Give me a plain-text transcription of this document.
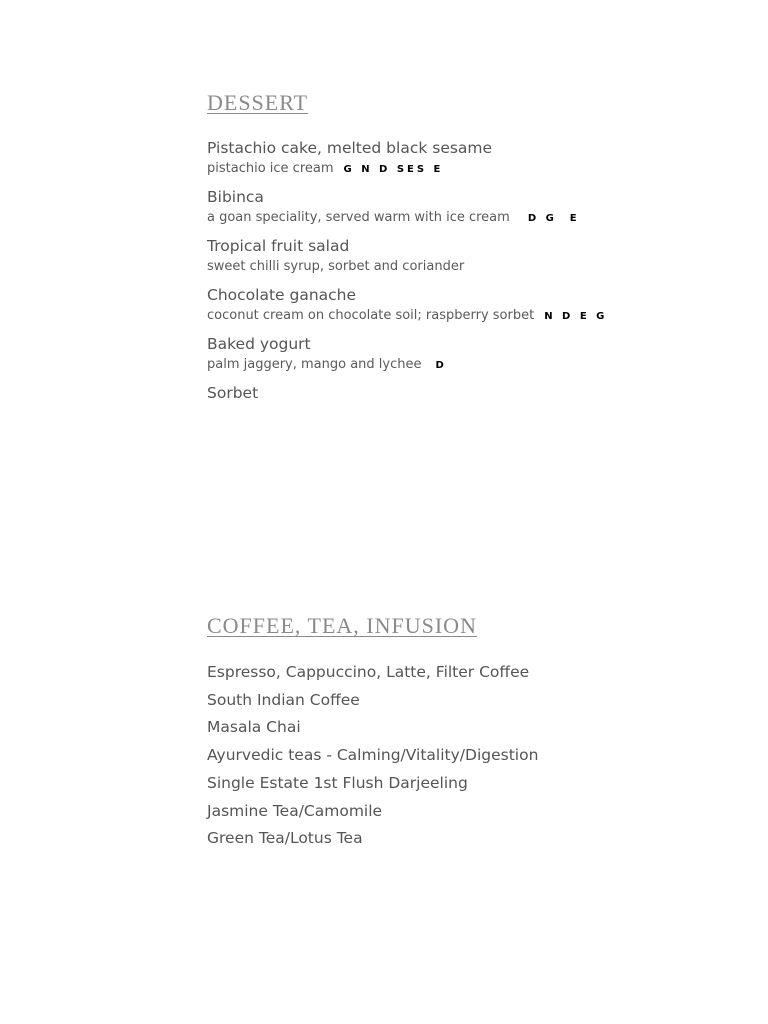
DESSERT
Pistachio cake, melted black sesame
pistachio ice cream G N D SES E
Bibinca
a goan speciality, served warm with ice cream D G  E
Tropical fruit salad
sweet chilli syrup, sorbet and coriander
Chocolate ganache
coconut cream on chocolate soil; raspberry sorbet N D E G
Baked yogurt
palm jaggery, mango and lychee D
Sorbet
COFFEE, TEA, INFUSION
Espresso, Cappuccino, Latte, Filter Coffee
South Indian Coffee
Masala Chai
Ayurvedic teas - Calming/Vitality/Digestion
Single Estate 1st Flush Darjeeling
Jasmine Tea/Camomile
Green Tea/Lotus Tea
